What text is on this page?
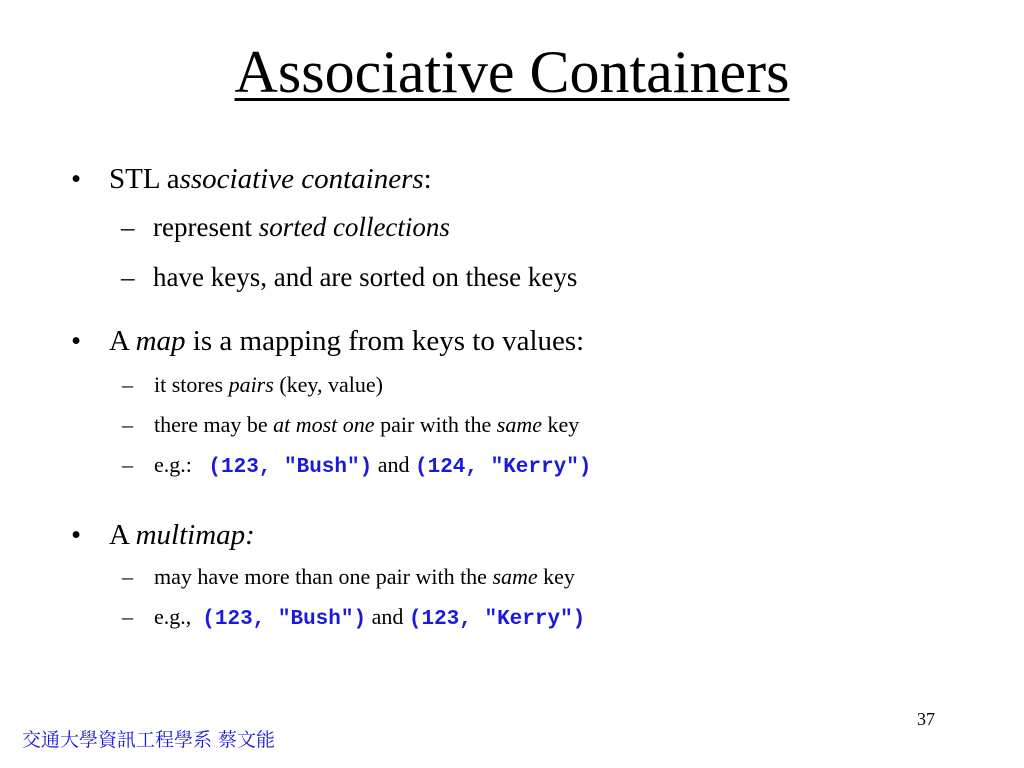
Associative Containers
• STL associative containers:
– represent sorted collections
– have keys, and are sorted on these keys
• A map is a mapping from keys to values:
– it stores pairs (key, value)
– there may be at most one pair with the same key
– e.g.:   (123, "Bush") and (124, "Kerry")
• A multimap:
– may have more than one pair with the same key
– e.g.,  (123, "Bush") and (123, "Kerry")
37
交通大學資訊工程學系 蔡文能
